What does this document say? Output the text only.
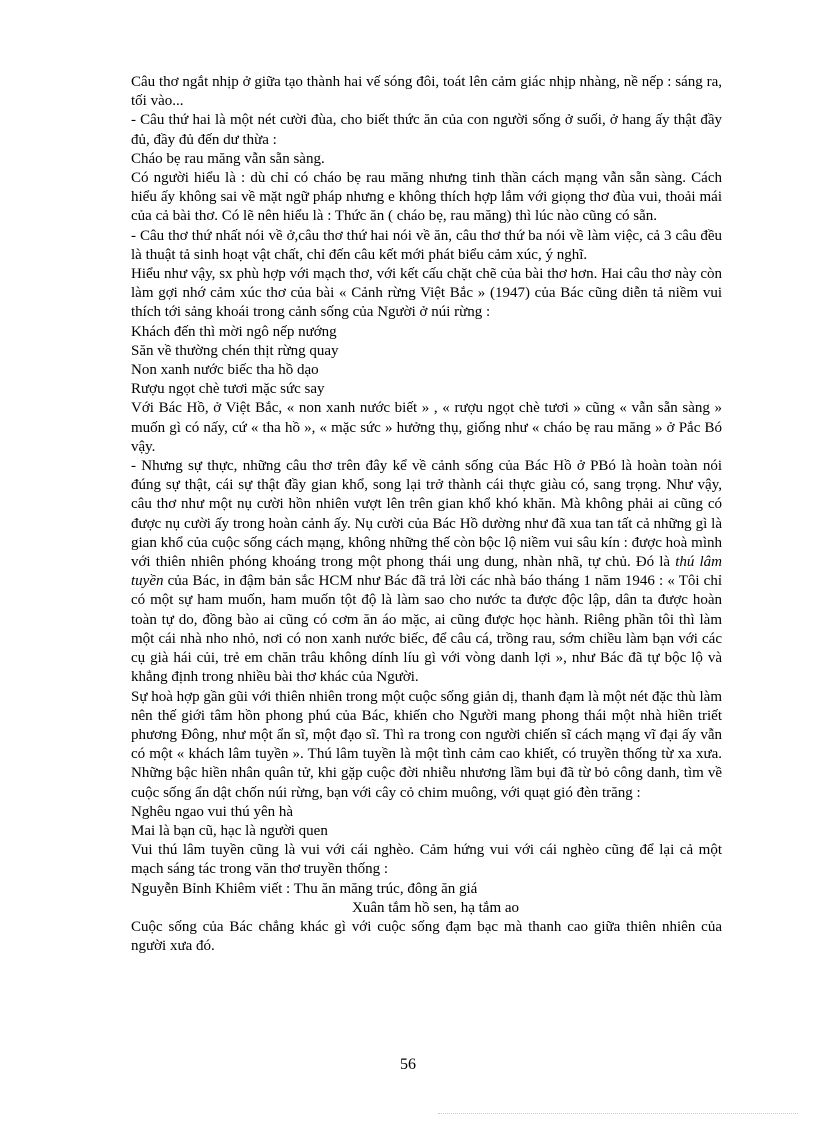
Câu thơ ngắt nhịp ở giữa tạo thành hai vế sóng đôi, toát lên cảm giác nhịp nhàng, nề nếp : sáng ra, tối vào...

- Câu thứ hai là một nét cười đùa, cho biết thức ăn của con người sống ở suối, ở hang ấy thật đầy đủ, đầy đủ đến dư thừa :

Cháo bẹ rau măng vẫn sẵn sàng.

Có người hiểu là : dù chỉ có cháo bẹ rau măng nhưng tinh thần cách mạng vẫn sẵn sàng. Cách hiểu ấy không sai về mặt ngữ pháp nhưng e không thích hợp lắm với giọng thơ đùa vui, thoải mái của cả bài thơ. Có lẽ nên hiểu là : Thức ăn ( cháo bẹ, rau măng) thì lúc nào cũng có sẵn.

- Câu thơ thứ nhất nói về ở,câu thơ thứ hai nói về ăn, câu thơ thứ ba nói về làm việc, cả 3 câu đều là thuật tả sinh hoạt vật chất, chỉ đến câu kết mới phát biểu cảm xúc, ý nghĩ.

Hiểu như vậy, sx phù hợp với mạch thơ, với kết cấu chặt chẽ của bài thơ hơn. Hai câu thơ này còn làm gợi nhớ cảm xúc thơ của bài « Cảnh rừng Việt Bắc » (1947) của Bác cũng diễn tả niềm vui thích tới sảng khoái trong cảnh sống của Người ở núi rừng :

Khách đến thì mời ngô nếp nướng

Săn về thường chén thịt rừng quay

Non xanh nước biếc tha hồ dạo

Rượu ngọt chè tươi mặc sức say

Với Bác Hồ, ở Việt Bắc, « non xanh nước biết » , « rượu ngọt chè tươi » cũng « vẫn sẵn sàng » muốn gì có nấy, cứ « tha hồ », « mặc sức » hưởng thụ, giống như « cháo bẹ rau măng » ở Pắc Bó vậy.

- Nhưng sự thực, những câu thơ trên đây kể về cảnh sống của Bác Hồ ở PBó là hoàn toàn nói đúng sự thật, cái sự thật đầy gian khổ, song lại trở thành cái thực giàu có, sang trọng. Như vậy, câu thơ như một nụ cười hồn nhiên vượt lên trên gian khổ khó khăn. Mà không phải ai cũng có được nụ cười ấy trong hoàn cảnh ấy. Nụ cười của Bác Hồ dường như đã xua tan tất cả những gì là gian khổ của cuộc sống cách mạng, không những thế còn bộc lộ niềm vui sâu kín : được hoà mình với thiên nhiên phóng khoáng trong một phong thái ung dung, nhàn nhã, tự chủ. Đó là thú lâm tuyền của Bác, in đậm bản sắc HCM như Bác đã trả lời các nhà báo tháng 1 năm 1946 : « Tôi chỉ có một sự ham muốn, ham muốn tột độ là làm sao cho nước ta được độc lập, dân ta được hoàn toàn tự do, đồng bào ai cũng có cơm ăn áo mặc, ai cũng được học hành. Riêng phần tôi thì làm một cái nhà nho nhỏ, nơi có non xanh nước biếc, để câu cá, trồng rau, sớm chiều làm bạn với các cụ già hái củi, trẻ em chăn trâu không dính líu gì với vòng danh lợi », như Bác đã tự bộc lộ và khẳng định trong nhiều bài thơ khác của Người.

Sự hoà hợp gần gũi với thiên nhiên trong một cuộc sống giản dị, thanh đạm là một nét đặc thù làm nên thế giới tâm hồn phong phú của Bác, khiến cho Người mang phong thái một nhà hiền triết phương Đông, như một ẩn sĩ, một đạo sĩ. Thì ra trong con người chiến sĩ cách mạng vĩ đại ấy vẫn có một « khách lâm tuyền ». Thú lâm tuyền là một tình cảm cao khiết, có truyền thống từ xa xưa. Những bậc hiền nhân quân tử, khi gặp cuộc đời nhiễu nhương lầm bụi đã từ bỏ công danh, tìm về cuộc sống ẩn dật chốn núi rừng, bạn với cây cỏ chim muông, với quạt gió đèn trăng :

Nghêu ngao vui thú yên hà

Mai là bạn cũ, hạc là người quen

Vui thú lâm tuyền cũng là vui với cái nghèo. Cảm hứng vui với cái nghèo cũng để lại cả một mạch sáng tác trong văn thơ truyền thống :

Nguyễn Bỉnh Khiêm viết : Thu ăn măng trúc, đông ăn giá

Xuân tắm hồ sen, hạ tắm ao

Cuộc sống của Bác chẳng khác gì với cuộc sống đạm bạc mà thanh cao giữa thiên nhiên của người xưa đó.

56
